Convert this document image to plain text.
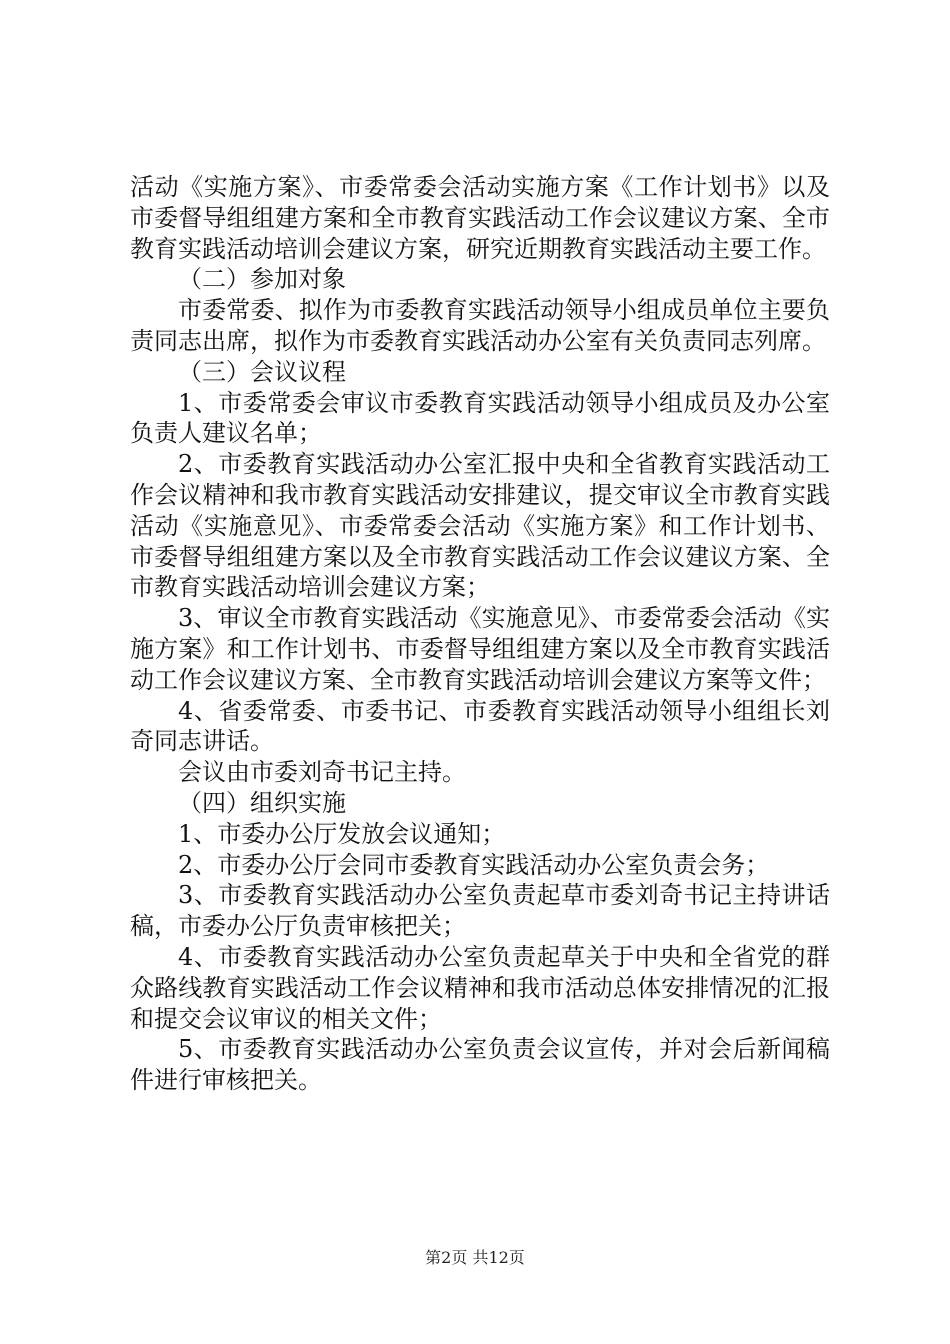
活动《实施方案》、市委常委会活动实施方案《工作计划书》以及市委督导组组建方案和全市教育实践活动工作会议建议方案、全市教育实践活动培训会建议方案，研究近期教育实践活动主要工作。

（二）参加对象

市委常委、拟作为市委教育实践活动领导小组成员单位主要负责同志出席，拟作为市委教育实践活动办公室有关负责同志列席。

（三）会议议程

1、市委常委会审议市委教育实践活动领导小组成员及办公室负责人建议名单；

2、市委教育实践活动办公室汇报中央和全省教育实践活动工作会议精神和我市教育实践活动安排建议，提交审议全市教育实践活动《实施意见》、市委常委会活动《实施方案》和工作计划书、市委督导组组建方案以及全市教育实践活动工作会议建议方案、全市教育实践活动培训会建议方案；

3、审议全市教育实践活动《实施意见》、市委常委会活动《实施方案》和工作计划书、市委督导组组建方案以及全市教育实践活动工作会议建议方案、全市教育实践活动培训会建议方案等文件；

4、省委常委、市委书记、市委教育实践活动领导小组组长刘奇同志讲话。

会议由市委刘奇书记主持。

（四）组织实施

1、市委办公厅发放会议通知；

2、市委办公厅会同市委教育实践活动办公室负责会务；

3、市委教育实践活动办公室负责起草市委刘奇书记主持讲话稿，市委办公厅负责审核把关；

4、市委教育实践活动办公室负责起草关于中央和全省党的群众路线教育实践活动工作会议精神和我市活动总体安排情况的汇报和提交会议审议的相关文件；

5、市委教育实践活动办公室负责会议宣传，并对会后新闻稿件进行审核把关。

第2页 共12页
